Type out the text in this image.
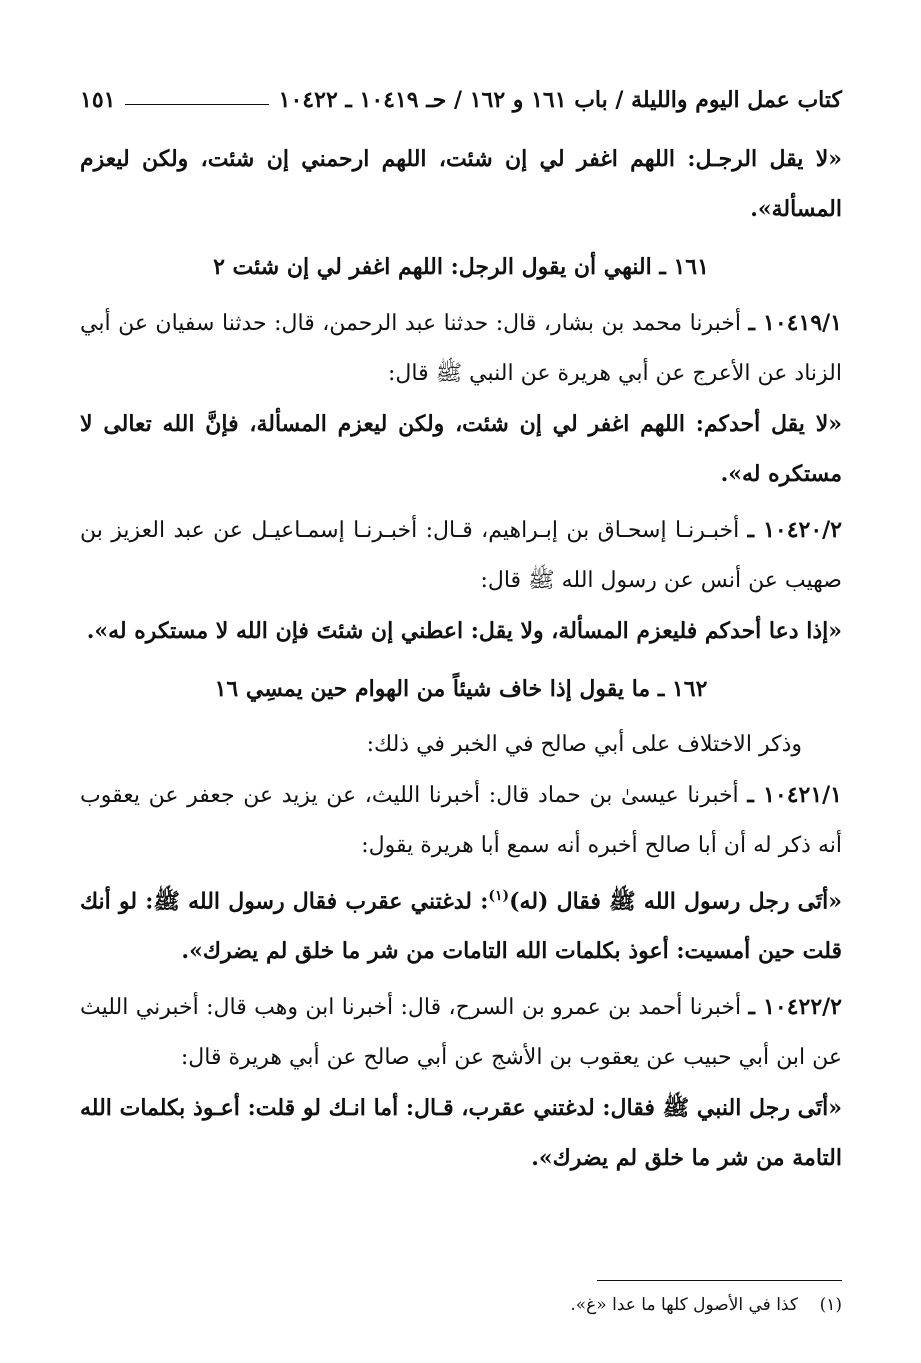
كتاب عمل اليوم والليلة / باب ١٦١ و ١٦٢ / حـ ١٠٤١٩ ـ ١٠٤٢٢
١٥١

«لا يقل الرجـل: اللهم اغفر لي إن شئت، اللهم ارحمني إن شئت، ولكن ليعزم المسألة».

١٦١ ـ النهي أن يقول الرجل: اللهم اغفر لي إن شئت ٢

١٠٤١٩/١ ـ أخبرنا محمد بن بشار، قال: حدثنا عبد الرحمن، قال: حدثنا سفيان عن أبي الزناد عن الأعرج عن أبي هريرة عن النبي ﷺ قال:

«لا يقل أحدكم: اللهم اغفر لي إن شئت، ولكن ليعزم المسألة، فإنَّ الله تعالى لا مستكره له».

١٠٤٢٠/٢ ـ أخبـرنـا إسحـاق بن إبـراهيم، قـال: أخبـرنـا إسمـاعيـل عن عبد العزيز بن صهيب عن أنس عن رسول الله ﷺ قال:

«إذا دعا أحدكم فليعزم المسألة، ولا يقل: اعطني إن شئتَ فإن الله لا مستكره له».

١٦٢ ـ ما يقول إذا خاف شيئاً من الهوام حين يمسِي ١٦

وذكر الاختلاف على أبي صالح في الخبر في ذلك:

١٠٤٢١/١ ـ أخبرنا عيسىٰ بن حماد قال: أخبرنا الليث، عن يزيد عن جعفر عن يعقوب أنه ذكر له أن أبا صالح أخبره أنه سمع أبا هريرة يقول:

«أتَى رجل رسول الله ﷺ فقال (له)$^{(١)}$: لدغتني عقرب فقال رسول الله ﷺ: لو أنك قلت حين أمسيت: أعوذ بكلمات الله التامات من شر ما خلق لم يضرك».

١٠٤٢٢/٢ ـ أخبرنا أحمد بن عمرو بن السرح، قال: أخبرنا ابن وهب قال: أخبرني الليث عن ابن أبي حبيب عن يعقوب بن الأشج عن أبي صالح عن أبي هريرة قال:

«أتَى رجل النبي ﷺ فقال: لدغتني عقرب، قـال: أما انـك لو قلت: أعـوذ بكلمات الله التامة من شر ما خلق لم يضرك».

(١)    كذا في الأصول كلها ما عدا «غ».
